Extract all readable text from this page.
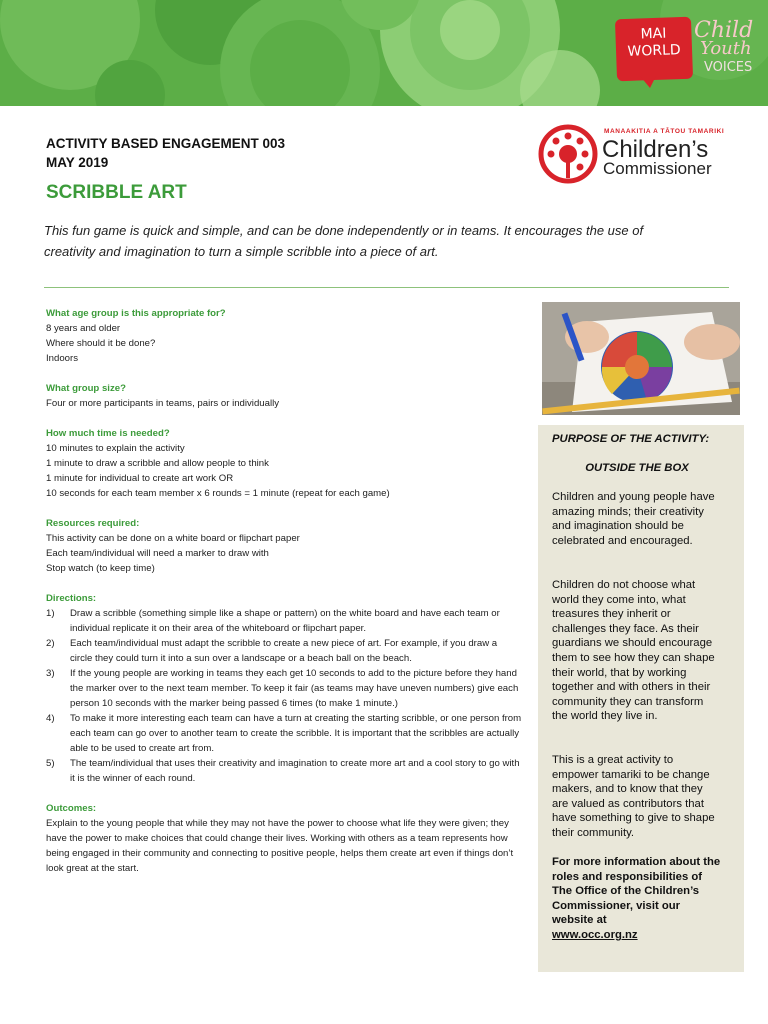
MAI
WORLD
Child
Youth
VOICES
ACTIVITY BASED ENGAGEMENT 003
MAY 2019
SCRIBBLE ART
MANAAKITIA A TĀTOU TAMARIKI
Children’s
Commissioner
This fun game is quick and simple, and can be done independently or in teams. It encourages the use of creativity and imagination to turn a simple scribble into a piece of art.
What age group is this appropriate for?
8 years and older
Where should it be done?
Indoors
What group size?
Four or more participants in teams, pairs or individually
How much time is needed?
10 minutes to explain the activity
1 minute to draw a scribble and allow people to think
1 minute for individual to create art work OR
10 seconds for each team member x 6 rounds = 1 minute (repeat for each game)
Resources required:
This activity can be done on a white board or flipchart paper
Each team/individual will need a marker to draw with
Stop watch (to keep time)
Directions:
1) Draw a scribble (something simple like a shape or pattern) on the white board and have each team or individual replicate it on their area of the whiteboard or flipchart paper.
2) Each team/individual must adapt the scribble to create a new piece of art. For example, if you draw a circle they could turn it into a sun over a landscape or a beach ball on the beach.
3) If the young people are working in teams they each get 10 seconds to add to the picture before they hand the marker over to the next team member. To keep it fair (as teams may have uneven numbers) give each person 10 seconds with the marker being passed 6 times (to make 1 minute.)
4) To make it more interesting each team can have a turn at creating the starting scribble, or one person from each team can go over to another team to create the scribble. It is important that the scribbles are actually able to be used to create art from.
5) The team/individual that uses their creativity and imagination to create more art and a cool story to go with it is the winner of each round.
Outcomes:
Explain to the young people that while they may not have the power to choose what life they were given; they have the power to make choices that could change their lives. Working with others as a team represents how being engaged in their community and connecting to positive people, helps them create art even if things don’t look great at the start.
PURPOSE OF THE ACTIVITY:
OUTSIDE THE BOX
Children and young people have amazing minds; their creativity and imagination should be celebrated and encouraged.
Children do not choose what world they come into, what treasures they inherit or challenges they face. As their guardians we should encourage them to see how they can shape their world, that by working together and with others in their community they can transform the world they live in.
This is a great activity to empower tamariki to be change makers, and to know that they are valued as contributors that have something to give to shape their community.
For more information about the roles and responsibilities of The Office of the Children’s Commissioner, visit our website at
www.occ.org.nz
